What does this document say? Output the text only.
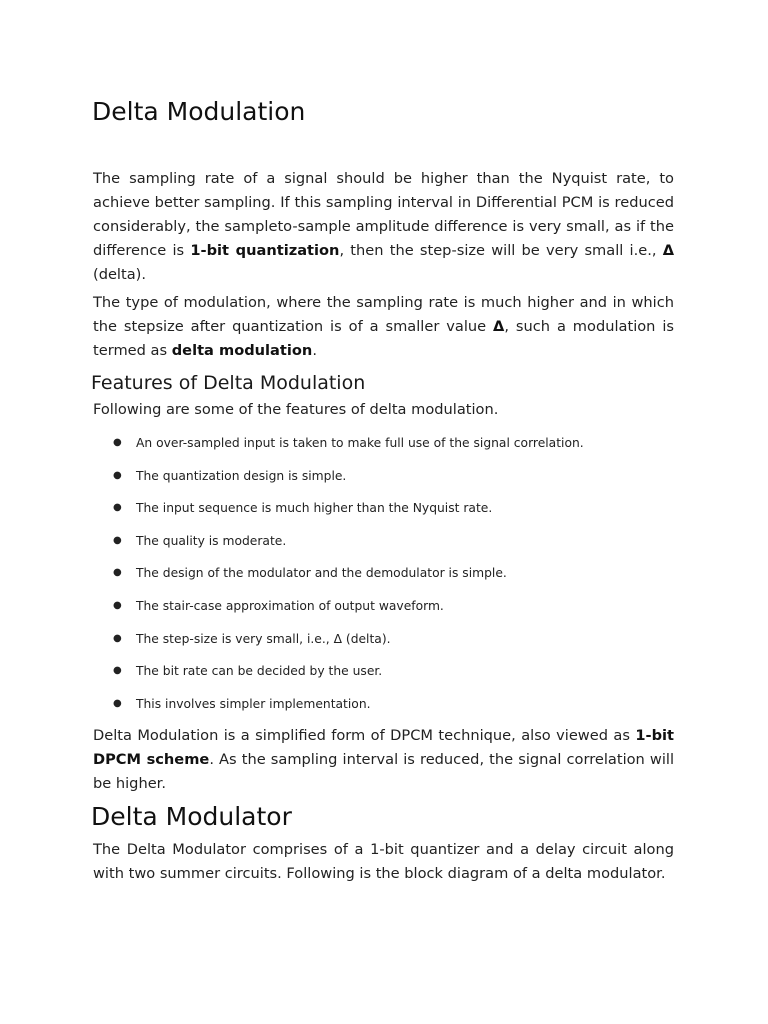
Delta Modulation

The sampling rate of a signal should be higher than the Nyquist rate, to achieve better sampling. If this sampling interval in Differential PCM is reduced considerably, the sampleto-sample amplitude difference is very small, as if the difference is 1-bit quantization, then the step-size will be very small i.e., Δ (delta).

The type of modulation, where the sampling rate is much higher and in which the stepsize after quantization is of a smaller value Δ, such a modulation is termed as delta modulation.

Features of Delta Modulation

Following are some of the features of delta modulation.

● An over-sampled input is taken to make full use of the signal correlation.
● The quantization design is simple.
● The input sequence is much higher than the Nyquist rate.
● The quality is moderate.
● The design of the modulator and the demodulator is simple.
● The stair-case approximation of output waveform.
● The step-size is very small, i.e., Δ (delta).
● The bit rate can be decided by the user.
● This involves simpler implementation.

Delta Modulation is a simplified form of DPCM technique, also viewed as 1-bit DPCM scheme. As the sampling interval is reduced, the signal correlation will be higher.

Delta Modulator

The Delta Modulator comprises of a 1-bit quantizer and a delay circuit along with two summer circuits. Following is the block diagram of a delta modulator.
